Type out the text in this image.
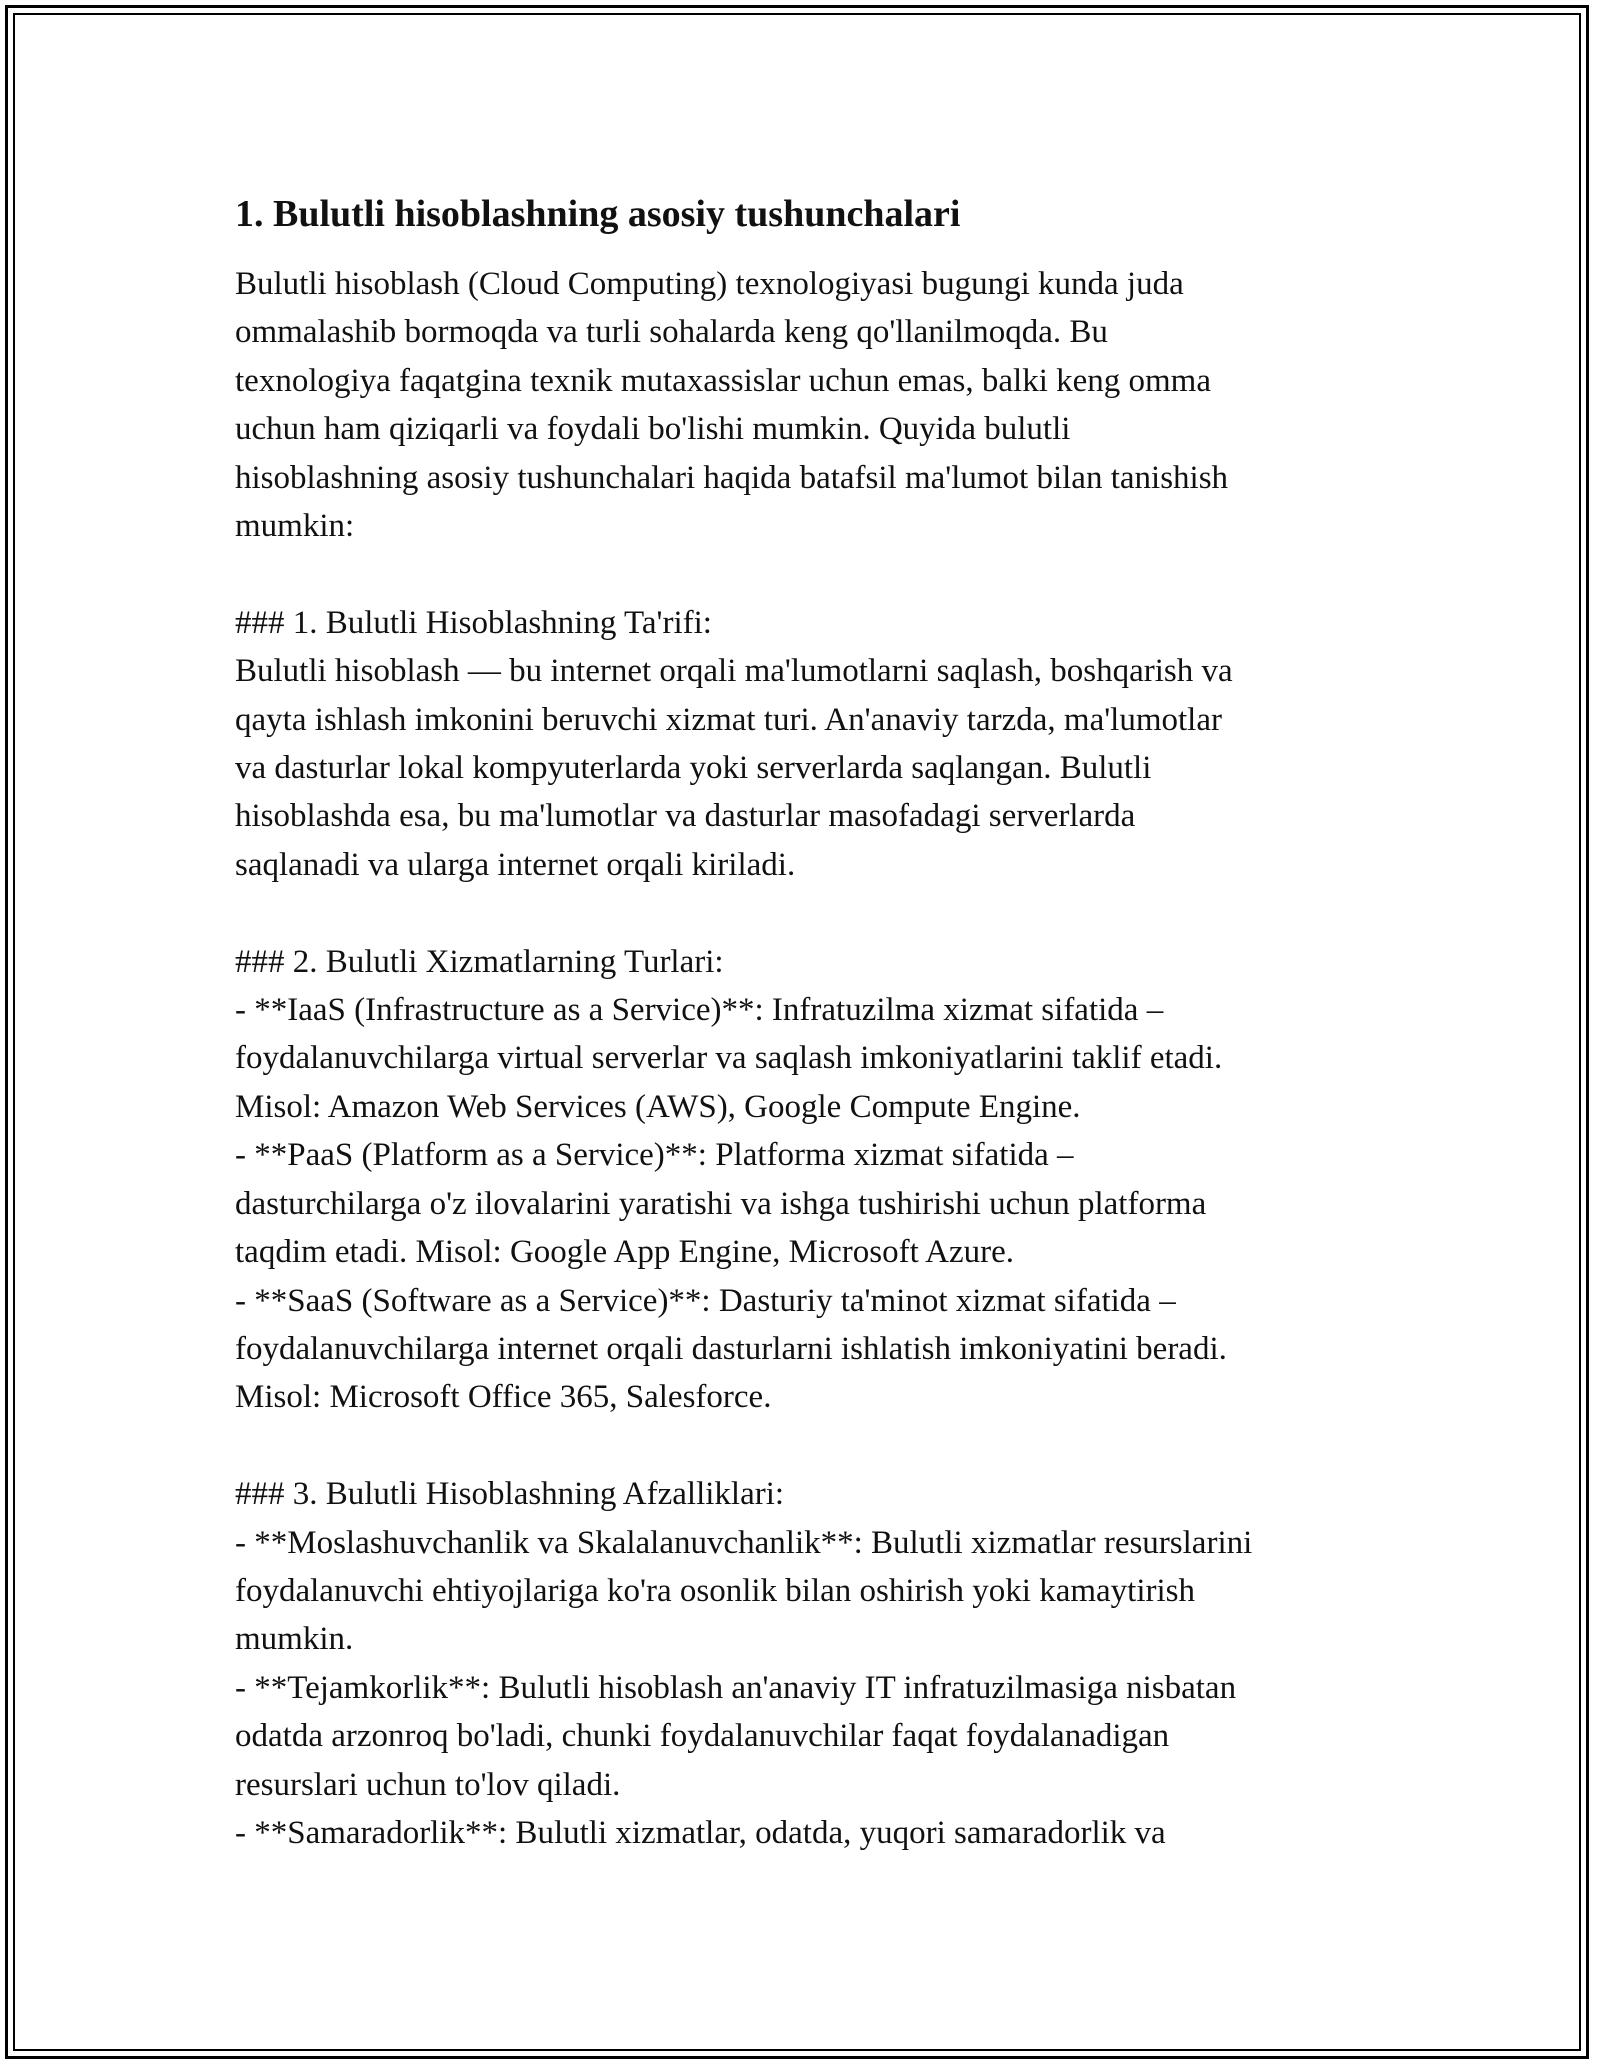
1. Bulutli hisoblashning asosiy tushunchalari

Bulutli hisoblash (Cloud Computing) texnologiyasi bugungi kunda juda
ommalashib bormoqda va turli sohalarda keng qo'llanilmoqda. Bu
texnologiya faqatgina texnik mutaxassislar uchun emas, balki keng omma
uchun ham qiziqarli va foydali bo'lishi mumkin. Quyida bulutli
hisoblashning asosiy tushunchalari haqida batafsil ma'lumot bilan tanishish
mumkin:

### 1. Bulutli Hisoblashning Ta'rifi:

Bulutli hisoblash — bu internet orqali ma'lumotlarni saqlash, boshqarish va
qayta ishlash imkonini beruvchi xizmat turi. An'anaviy tarzda, ma'lumotlar
va dasturlar lokal kompyuterlarda yoki serverlarda saqlangan. Bulutli
hisoblashda esa, bu ma'lumotlar va dasturlar masofadagi serverlarda
saqlanadi va ularga internet orqali kiriladi.

### 2. Bulutli Xizmatlarning Turlari:

- **IaaS (Infrastructure as a Service)**: Infratuzilma xizmat sifatida –
foydalanuvchilarga virtual serverlar va saqlash imkoniyatlarini taklif etadi.
Misol: Amazon Web Services (AWS), Google Compute Engine.

- **PaaS (Platform as a Service)**: Platforma xizmat sifatida –
dasturchilarga o'z ilovalarini yaratishi va ishga tushirishi uchun platforma
taqdim etadi. Misol: Google App Engine, Microsoft Azure.

- **SaaS (Software as a Service)**: Dasturiy ta'minot xizmat sifatida –
foydalanuvchilarga internet orqali dasturlarni ishlatish imkoniyatini beradi.
Misol: Microsoft Office 365, Salesforce.

### 3. Bulutli Hisoblashning Afzalliklari:

- **Moslashuvchanlik va Skalalanuvchanlik**: Bulutli xizmatlar resurslarini
foydalanuvchi ehtiyojlariga ko'ra osonlik bilan oshirish yoki kamaytirish
mumkin.

- **Tejamkorlik**: Bulutli hisoblash an'anaviy IT infratuzilmasiga nisbatan
odatda arzonroq bo'ladi, chunki foydalanuvchilar faqat foydalanadigan
resurslari uchun to'lov qiladi.

- **Samaradorlik**: Bulutli xizmatlar, odatda, yuqori samaradorlik va
